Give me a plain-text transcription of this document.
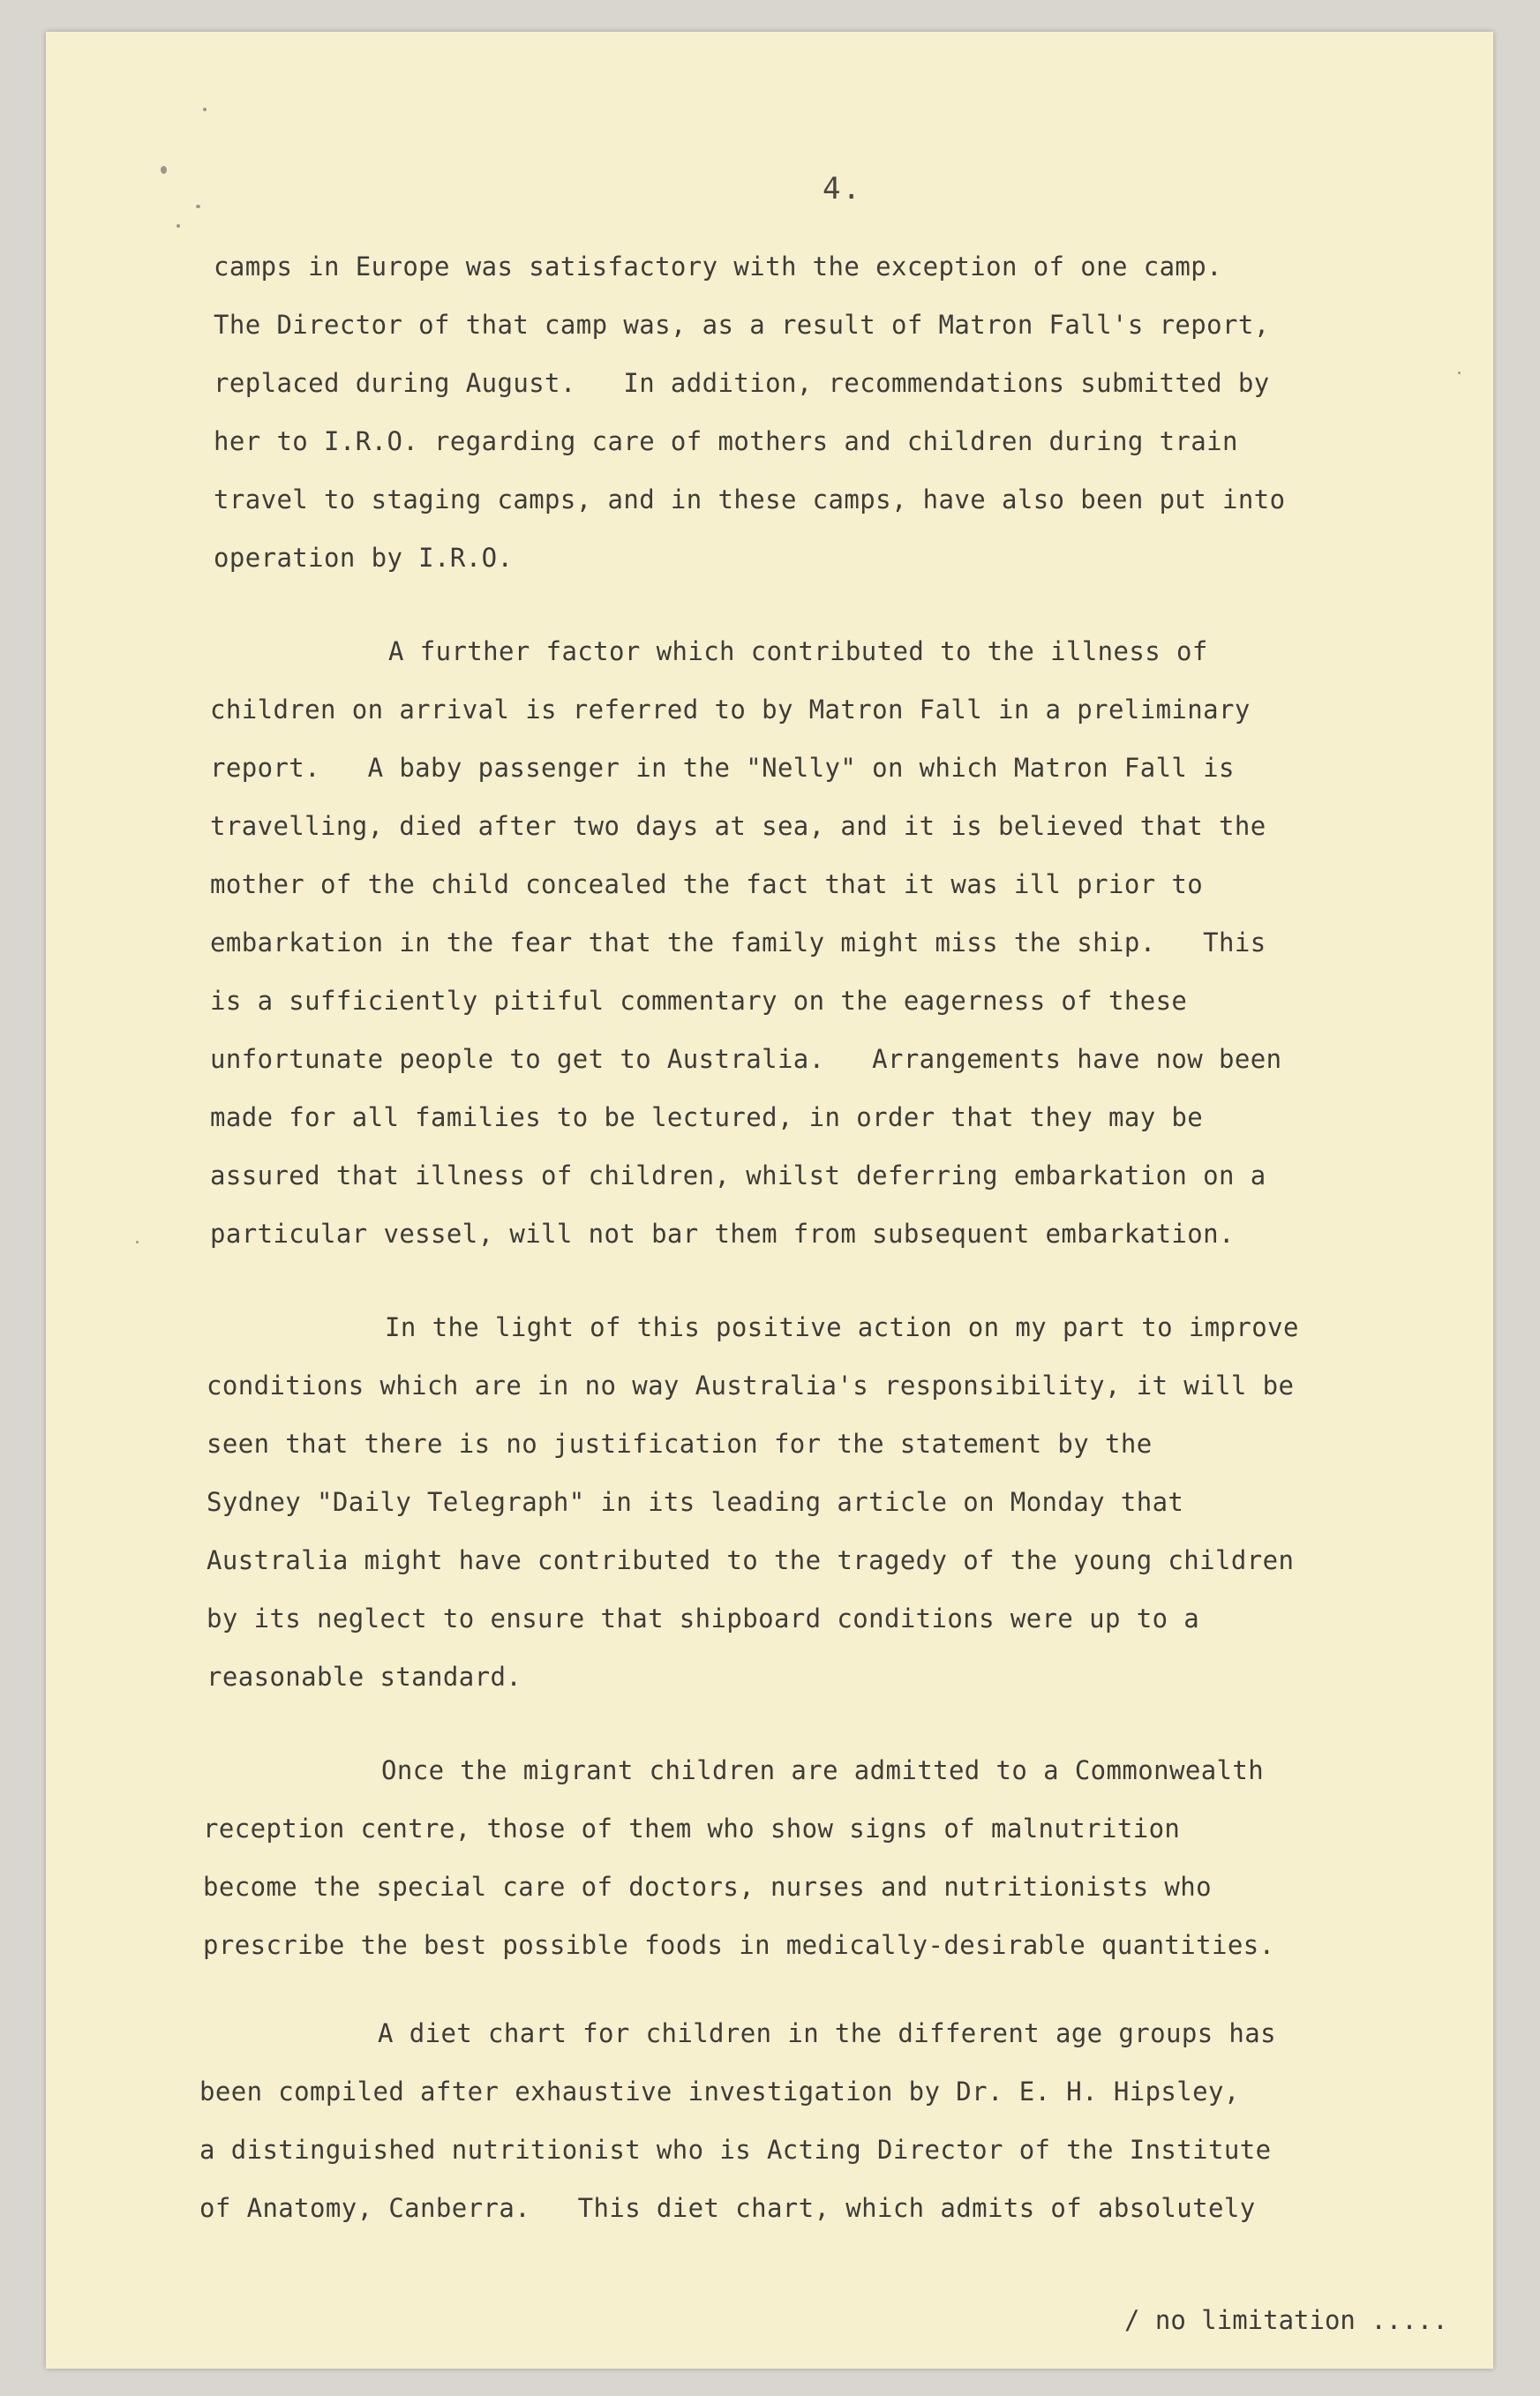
4.
camps in Europe was satisfactory with the exception of one camp.
The Director of that camp was, as a result of Matron Fall's report,
replaced during August.   In addition, recommendations submitted by
her to I.R.O. regarding care of mothers and children during train
travel to staging camps, and in these camps, have also been put into
operation by I.R.O.
A further factor which contributed to the illness of
children on arrival is referred to by Matron Fall in a preliminary
report.   A baby passenger in the "Nelly" on which Matron Fall is
travelling, died after two days at sea, and it is believed that the
mother of the child concealed the fact that it was ill prior to
embarkation in the fear that the family might miss the ship.   This
is a sufficiently pitiful commentary on the eagerness of these
unfortunate people to get to Australia.   Arrangements have now been
made for all families to be lectured, in order that they may be
assured that illness of children, whilst deferring embarkation on a
particular vessel, will not bar them from subsequent embarkation.
In the light of this positive action on my part to improve
conditions which are in no way Australia's responsibility, it will be
seen that there is no justification for the statement by the
Sydney "Daily Telegraph" in its leading article on Monday that
Australia might have contributed to the tragedy of the young children
by its neglect to ensure that shipboard conditions were up to a
reasonable standard.
Once the migrant children are admitted to a Commonwealth
reception centre, those of them who show signs of malnutrition
become the special care of doctors, nurses and nutritionists who
prescribe the best possible foods in medically-desirable quantities.
A diet chart for children in the different age groups has
been compiled after exhaustive investigation by Dr. E. H. Hipsley,
a distinguished nutritionist who is Acting Director of the Institute
of Anatomy, Canberra.   This diet chart, which admits of absolutely
/ no limitation .....
